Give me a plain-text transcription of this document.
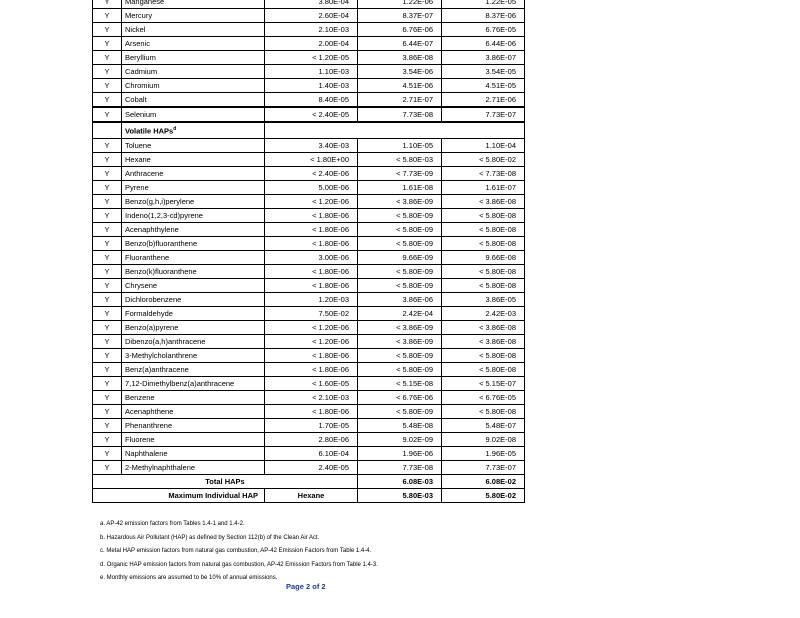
Y	Manganese	3.80E-04	1.22E-06	1.22E-05
Y	Mercury	2.60E-04	8.37E-07	8.37E-06
Y	Nickel	2.10E-03	6.76E-06	6.76E-05
Y	Arsenic	2.00E-04	6.44E-07	6.44E-06
Y	Beryllium	< 1.20E-05	3.86E-08	3.86E-07
Y	Cadmium	1.10E-03	3.54E-06	3.54E-05
Y	Chromium	1.40E-03	4.51E-06	4.51E-05
Y	Cobalt	8.40E-05	2.71E-07	2.71E-06
Y	Selenium	< 2.40E-05	7.73E-08	7.73E-07
	Volatile HAPs$^d$			
Y	Toluene	3.40E-03	1.10E-05	1.10E-04
Y	Hexane	< 1.80E+00	< 5.80E-03	< 5.80E-02
Y	Anthracene	< 2.40E-06	< 7.73E-09	< 7.73E-08
Y	Pyrene	5.00E-06	1.61E-08	1.61E-07
Y	Benzo(g,h,i)perylene	< 1.20E-06	< 3.86E-09	< 3.86E-08
Y	Indeno(1,2,3-cd)pyrene	< 1.80E-06	< 5.80E-09	< 5.80E-08
Y	Acenaphthylene	< 1.80E-06	< 5.80E-09	< 5.80E-08
Y	Benzo(b)fluoranthene	< 1.80E-06	< 5.80E-09	< 5.80E-08
Y	Fluoranthene	3.00E-06	9.66E-09	9.66E-08
Y	Benzo(k)fluoranthene	< 1.80E-06	< 5.80E-09	< 5.80E-08
Y	Chrysene	< 1.80E-06	< 5.80E-09	< 5.80E-08
Y	Dichlorobenzene	1.20E-03	3.86E-06	3.86E-05
Y	Formaldehyde	7.50E-02	2.42E-04	2.42E-03
Y	Benzo(a)pyrene	< 1.20E-06	< 3.86E-09	< 3.86E-08
Y	Dibenzo(a,h)anthracene	< 1.20E-06	< 3.86E-09	< 3.86E-08
Y	3-Methylcholanthrene	< 1.80E-06	< 5.80E-09	< 5.80E-08
Y	Benz(a)anthracene	< 1.80E-06	< 5.80E-09	< 5.80E-08
Y	7,12-Dimethylbenz(a)anthracene	< 1.60E-05	< 5.15E-08	< 5.15E-07
Y	Benzene	< 2.10E-03	< 6.76E-06	< 6.76E-05
Y	Acenaphthene	< 1.80E-06	< 5.80E-09	< 5.80E-08
Y	Phenanthrene	1.70E-05	5.48E-08	5.48E-07
Y	Fluorene	2.80E-06	9.02E-09	9.02E-08
Y	Naphthalene	6.10E-04	1.96E-06	1.96E-05
Y	2-Methylnaphthalene	2.40E-05	7.73E-08	7.73E-07
Total HAPs			6.08E-03	6.08E-02
Maximum Individual HAP		Hexane	5.80E-03	5.80E-02
a. AP-42 emission factors from Tables 1.4-1 and 1.4-2.
b. Hazardous Air Pollutant (HAP) as defined by Section 112(b) of the Clean Air Act.
c. Metal HAP emission factors from natural gas combustion, AP-42 Emission Factors from Table 1.4-4.
d. Organic HAP emission factors from natural gas combustion, AP-42 Emission Factors from Table 1.4-3.
e. Monthly emissions are assumed to be 10% of annual emissions.
Page 2 of 2
